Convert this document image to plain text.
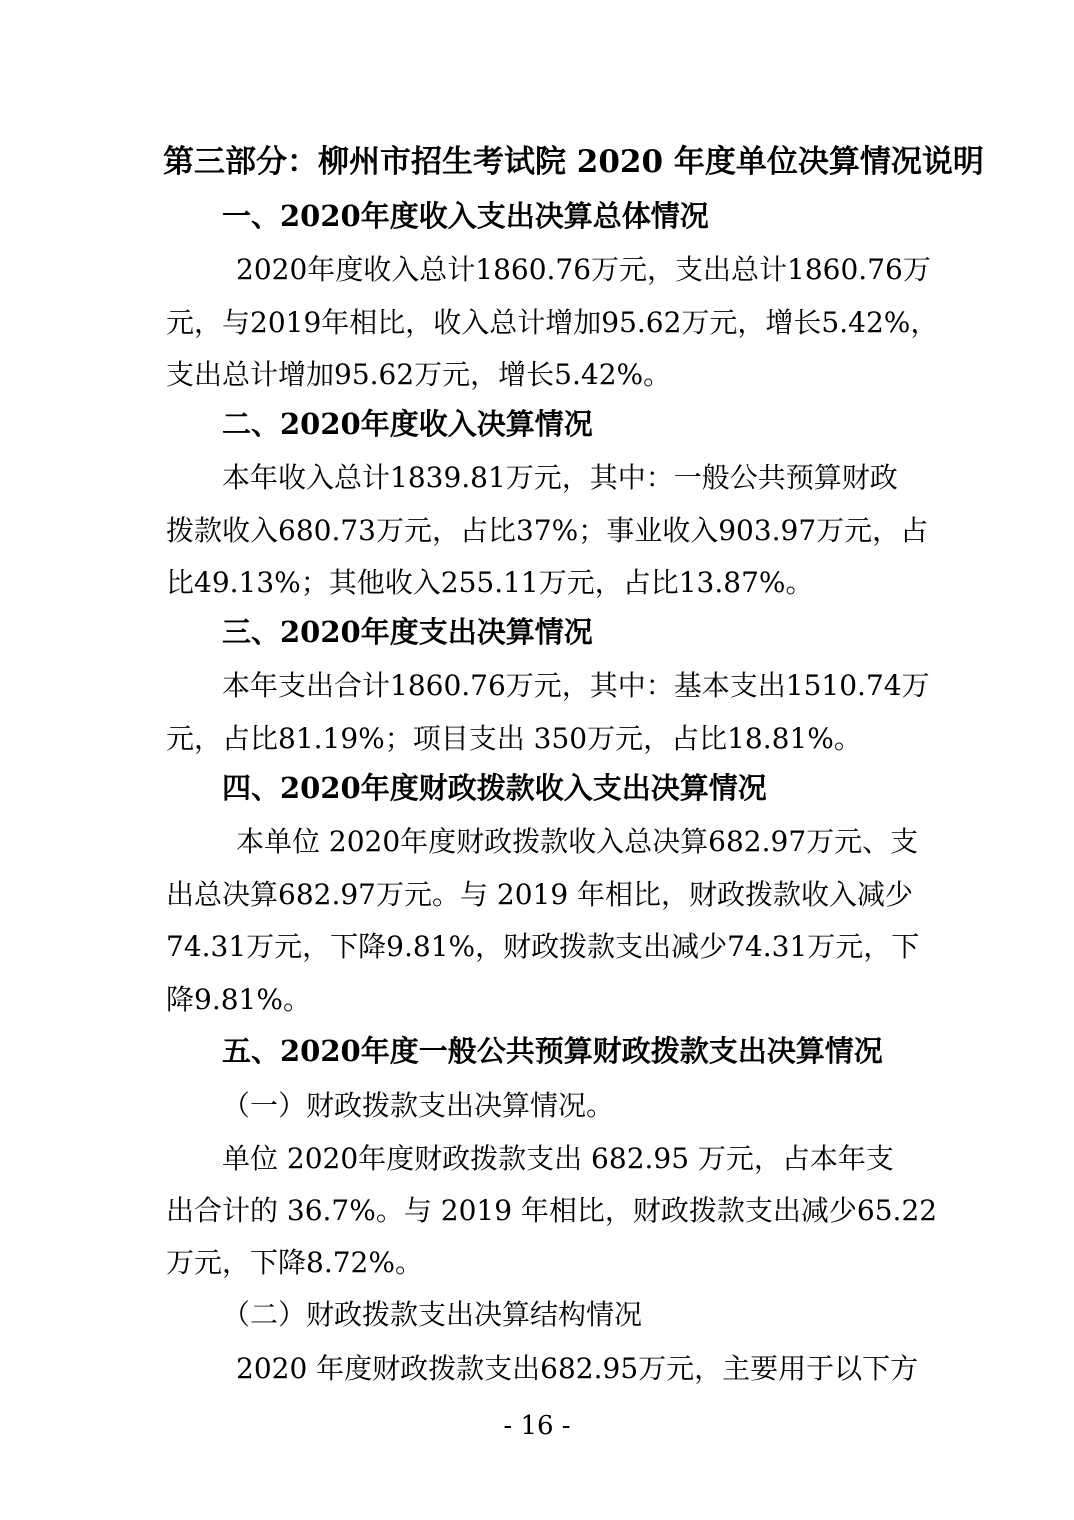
第三部分：柳州市招生考试院 2020 年度单位决算情况说明
一、2020年度收入支出决算总体情况
2020年度收入总计1860.76万元，支出总计1860.76万
元，与2019年相比，收入总计增加95.62万元，增长5.42%，
支出总计增加95.62万元，增长5.42%。
二、2020年度收入决算情况
本年收入总计1839.81万元，其中：一般公共预算财政
拨款收入680.73万元，占比37%；事业收入903.97万元，占
比49.13%；其他收入255.11万元，占比13.87%。
三、2020年度支出决算情况
本年支出合计1860.76万元，其中：基本支出1510.74万
元，占比81.19%；项目支出 350万元，占比18.81%。
四、2020年度财政拨款收入支出决算情况
本单位 2020年度财政拨款收入总决算682.97万元、支
出总决算682.97万元。与 2019 年相比，财政拨款收入减少
74.31万元，下降9.81%，财政拨款支出减少74.31万元，下
降9.81%。
五、2020年度一般公共预算财政拨款支出决算情况
（一）财政拨款支出决算情况。
单位 2020年度财政拨款支出 682.95 万元，占本年支
出合计的 36.7%。与 2019 年相比，财政拨款支出减少65.22
万元，下降8.72%。
（二）财政拨款支出决算结构情况
2020 年度财政拨款支出682.95万元，主要用于以下方
- 16 -
